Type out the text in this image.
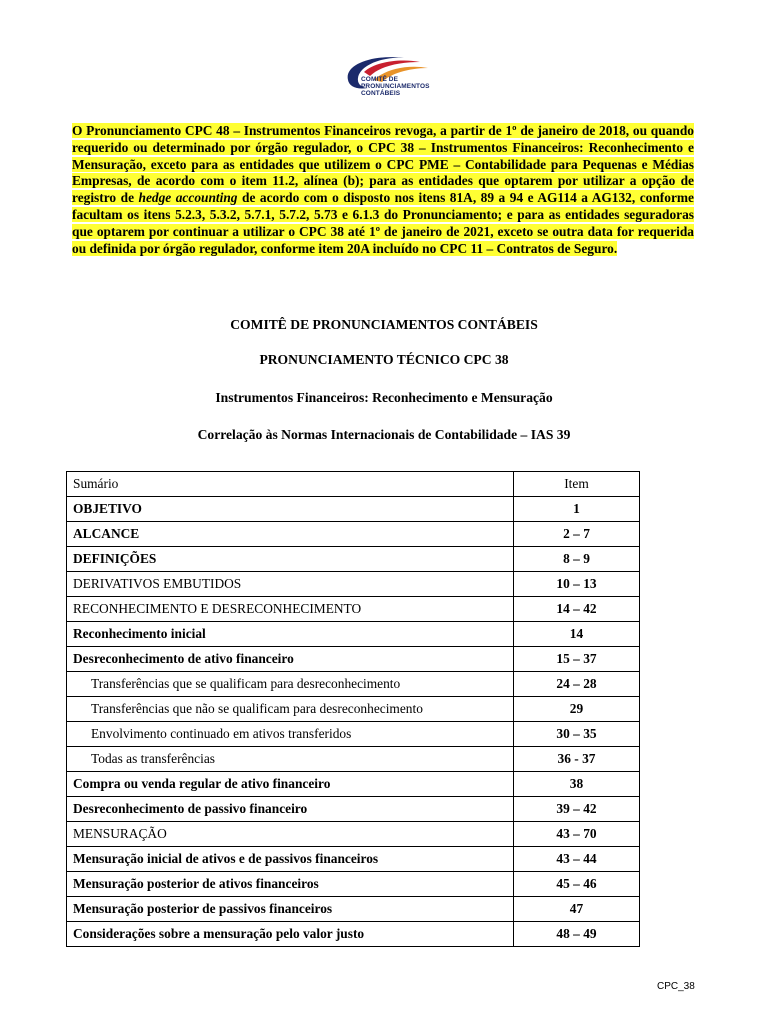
COMITÊ DE
PRONUNCIAMENTOS
CONTÁBEIS
O Pronunciamento CPC 48 – Instrumentos Financeiros revoga, a partir de 1º de janeiro de 2018, ou quando requerido ou determinado por órgão regulador, o CPC 38 – Instrumentos Financeiros: Reconhecimento e Mensuração, exceto para as entidades que utilizem o CPC PME – Contabilidade para Pequenas e Médias Empresas, de acordo com o item 11.2, alínea (b); para as entidades que optarem por utilizar a opção de registro de hedge accounting de acordo com o disposto nos itens 81A, 89 a 94 e AG114 a AG132, conforme facultam os itens 5.2.3, 5.3.2, 5.7.1, 5.7.2, 5.73 e 6.1.3 do Pronunciamento; e para as entidades seguradoras que optarem por continuar a utilizar o CPC 38 até 1º de janeiro de 2021, exceto se outra data for requerida ou definida por órgão regulador, conforme item 20A incluído no CPC 11 – Contratos de Seguro.
COMITÊ DE PRONUNCIAMENTOS CONTÁBEIS
PRONUNCIAMENTO TÉCNICO CPC 38
Instrumentos Financeiros: Reconhecimento e Mensuração
Correlação às Normas Internacionais de Contabilidade – IAS 39
Sumário	Item
OBJETIVO	1
ALCANCE	2 – 7
DEFINIÇÕES	8 – 9
DERIVATIVOS EMBUTIDOS	10 – 13
RECONHECIMENTO E DESRECONHECIMENTO	14 – 42
Reconhecimento inicial	14
Desreconhecimento de ativo financeiro	15 – 37
Transferências que se qualificam para desreconhecimento	24 – 28
Transferências que não se qualificam para desreconhecimento	29
Envolvimento continuado em ativos transferidos	30 – 35
Todas as transferências	36 - 37
Compra ou venda regular de ativo financeiro	38
Desreconhecimento de passivo financeiro	39 – 42
MENSURAÇÃO	43 – 70
Mensuração inicial de ativos e de passivos financeiros	43 – 44
Mensuração posterior de ativos financeiros	45 – 46
Mensuração posterior de passivos financeiros	47
Considerações sobre a mensuração pelo valor justo	48 – 49
CPC_38
